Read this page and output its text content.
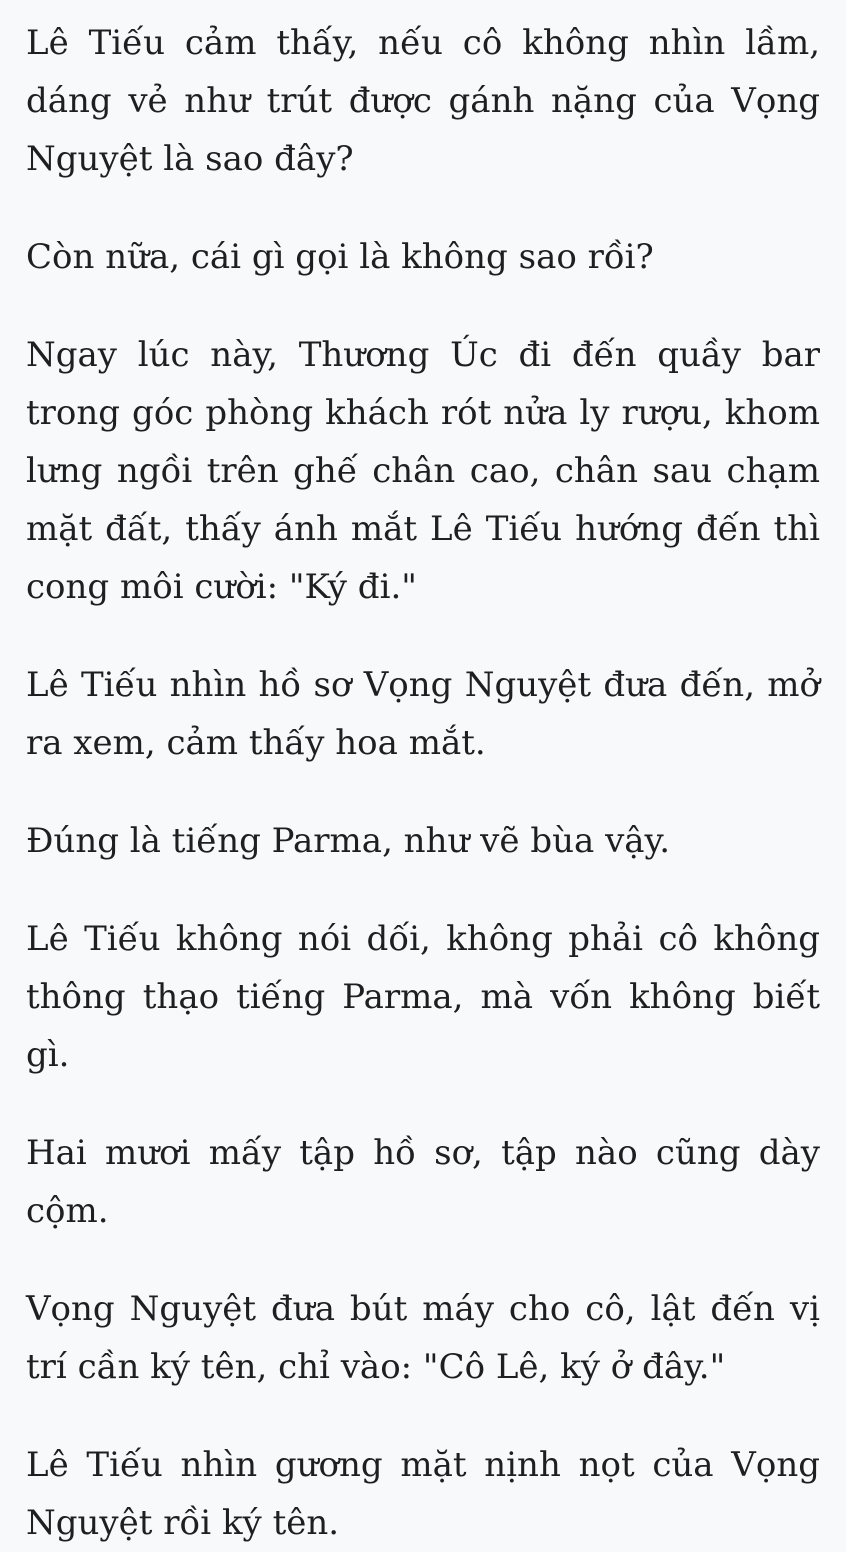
Lê Tiếu cảm thấy, nếu cô không nhìn lầm, dáng vẻ như trút được gánh nặng của Vọng Nguyệt là sao đây?

Còn nữa, cái gì gọi là không sao rồi?

Ngay lúc này, Thương Úc đi đến quầy bar trong góc phòng khách rót nửa ly rượu, khom lưng ngồi trên ghế chân cao, chân sau chạm mặt đất, thấy ánh mắt Lê Tiếu hướng đến thì cong môi cười: "Ký đi."

Lê Tiếu nhìn hồ sơ Vọng Nguyệt đưa đến, mở ra xem, cảm thấy hoa mắt.

Đúng là tiếng Parma, như vẽ bùa vậy.

Lê Tiếu không nói dối, không phải cô không thông thạo tiếng Parma, mà vốn không biết gì.

Hai mươi mấy tập hồ sơ, tập nào cũng dày cộm.

Vọng Nguyệt đưa bút máy cho cô, lật đến vị trí cần ký tên, chỉ vào: "Cô Lê, ký ở đây."

Lê Tiếu nhìn gương mặt nịnh nọt của Vọng Nguyệt rồi ký tên.
